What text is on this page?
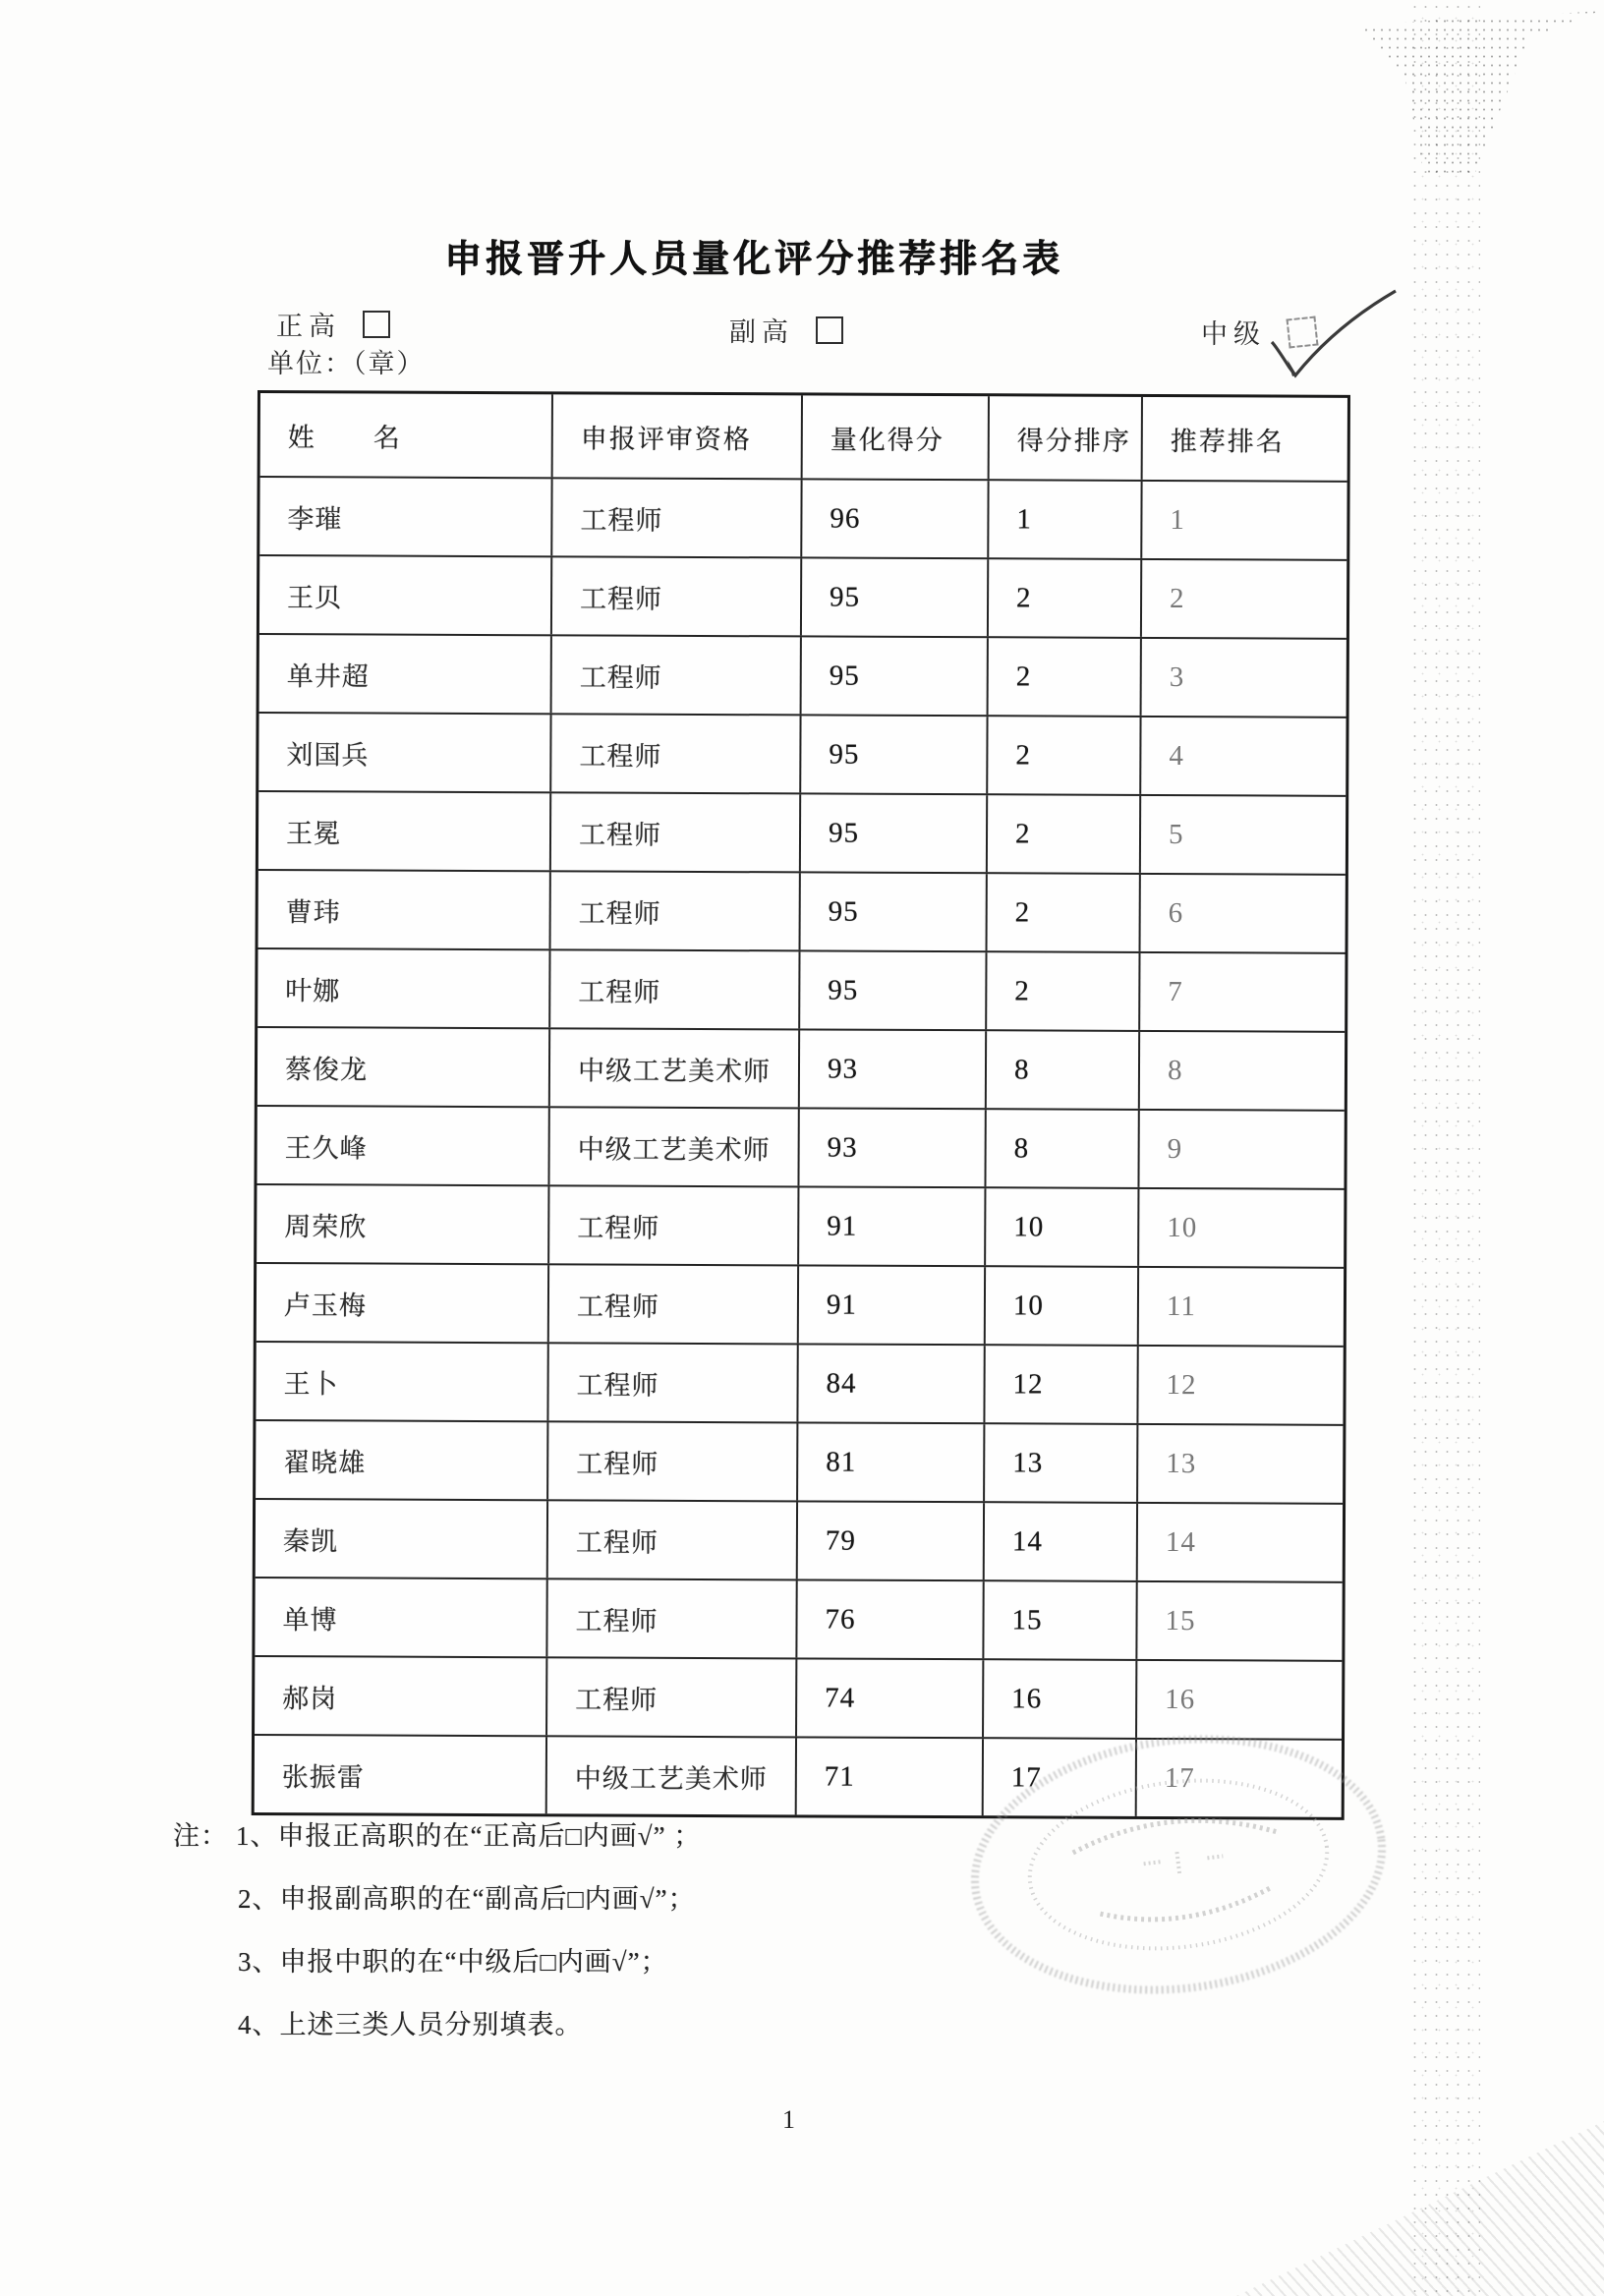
申报晋升人员量化评分推荐排名表
正高	副高	中级
单位：（章）
姓　　名	申报评审资格	量化得分	得分排序	推荐排名
李璀	工程师	96	1	1
王贝	工程师	95	2	2
单井超	工程师	95	2	3
刘国兵	工程师	95	2	4
王冕	工程师	95	2	5
曹玮	工程师	95	2	6
叶娜	工程师	95	2	7
蔡俊龙	中级工艺美术师	93	8	8
王久峰	中级工艺美术师	93	8	9
周荣欣	工程师	91	10	10
卢玉梅	工程师	91	10	11
王卜	工程师	84	12	12
翟晓雄	工程师	81	13	13
秦凯	工程师	79	14	14
单博	工程师	76	15	15
郝岗	工程师	74	16	16
张振雷	中级工艺美术师	71	17	17
注： 1、申报正高职的在“正高后□内画√” ；
2、申报副高职的在“副高后□内画√”；
3、申报中职的在“中级后□内画√”；
4、上述三类人员分别填表。
1
